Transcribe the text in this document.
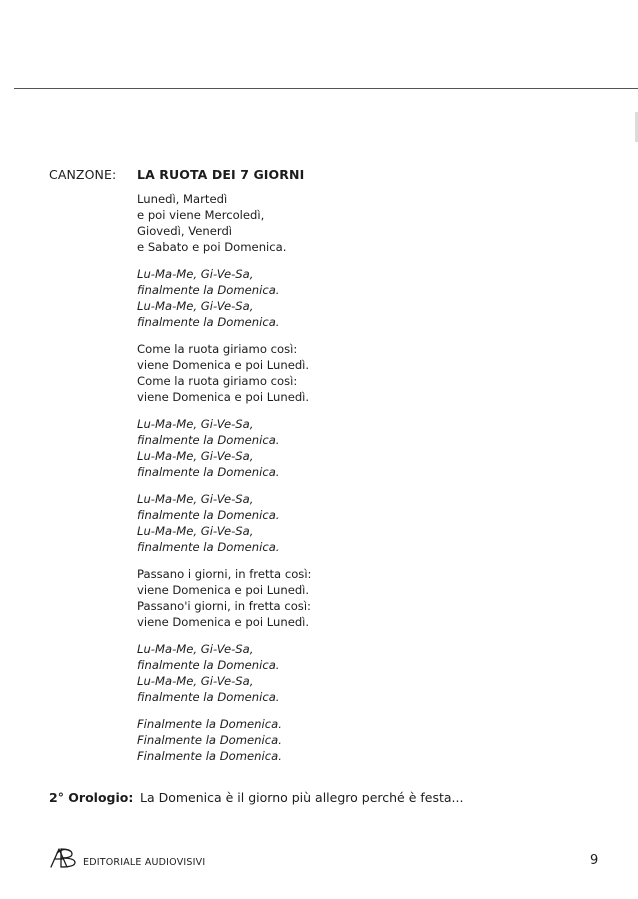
CANZONE: LA RUOTA DEI 7 GIORNI
Lunedì, Martedì
e poi viene Mercoledì,
Giovedì, Venerdì
e Sabato e poi Domenica.
Lu-Ma-Me, Gi-Ve-Sa,
finalmente la Domenica.
Lu-Ma-Me, Gi-Ve-Sa,
finalmente la Domenica.
Come la ruota giriamo così:
viene Domenica e poi Lunedì.
Come la ruota giriamo così:
viene Domenica e poi Lunedì.
Lu-Ma-Me, Gi-Ve-Sa,
finalmente la Domenica.
Lu-Ma-Me, Gi-Ve-Sa,
finalmente la Domenica.
Lu-Ma-Me, Gi-Ve-Sa,
finalmente la Domenica.
Lu-Ma-Me, Gi-Ve-Sa,
finalmente la Domenica.
Passano i giorni, in fretta così:
viene Domenica e poi Lunedì.
Passano'i giorni, in fretta così:
viene Domenica e poi Lunedì.
Lu-Ma-Me, Gi-Ve-Sa,
finalmente la Domenica.
Lu-Ma-Me, Gi-Ve-Sa,
finalmente la Domenica.
Finalmente la Domenica.
Finalmente la Domenica.
Finalmente la Domenica.
2° Orologio: La Domenica è il giorno più allegro perché è festa...
EDITORIALE AUDIOVISIVI	9
